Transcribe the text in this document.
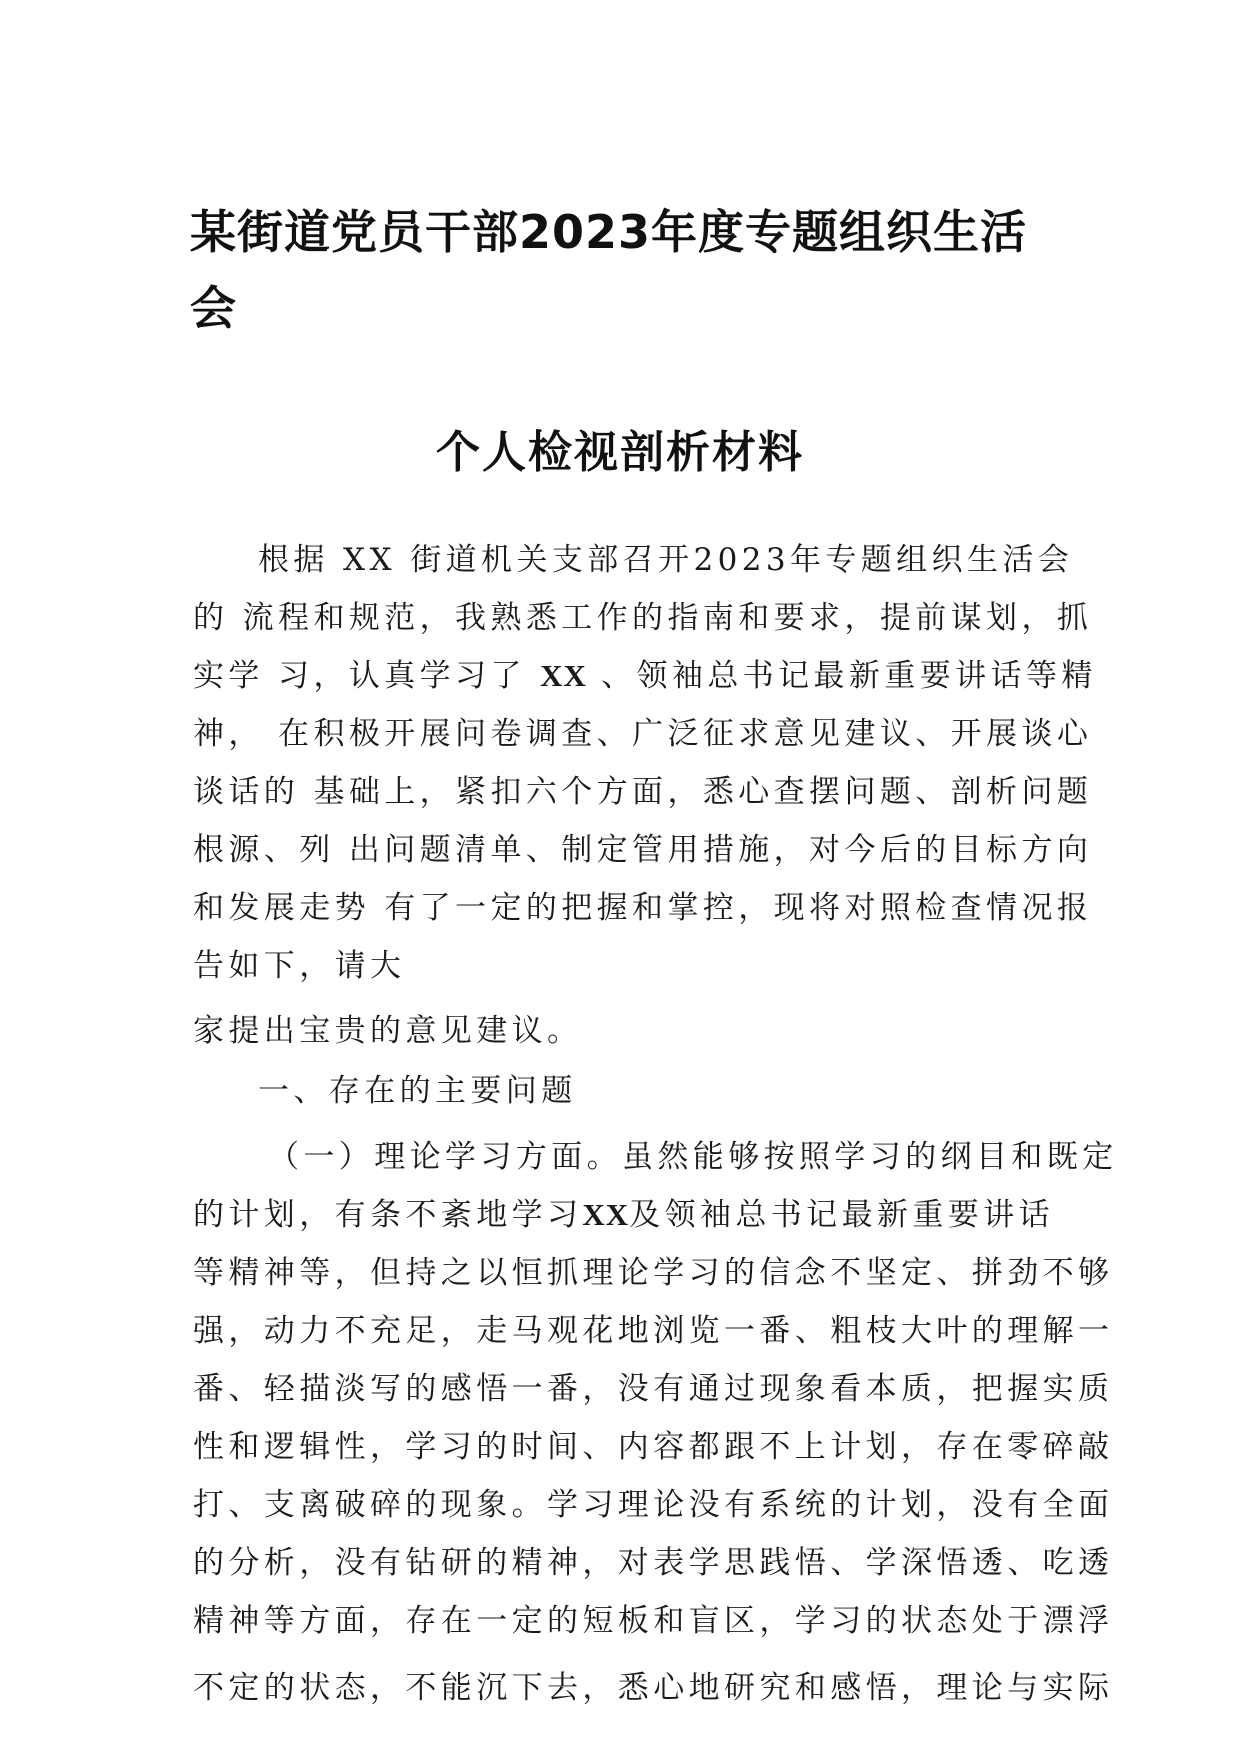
某街道党员干部2023年度专题组织生活
会
个人检视剖析材料
根据 XX 街道机关支部召开2023年专题组织生活会
的 流程和规范，我熟悉工作的指南和要求，提前谋划，抓
实学 习，认真学习了 XX 、领袖总书记最新重要讲话等精
神， 在积极开展问卷调查、广泛征求意见建议、开展谈心
谈话的 基础上，紧扣六个方面，悉心查摆问题、剖析问题
根源、列 出问题清单、制定管用措施，对今后的目标方向
和发展走势 有了一定的把握和掌控，现将对照检查情况报
告如下，请大
家提出宝贵的意见建议。
一、存在的主要问题
（一）理论学习方面。虽然能够按照学习的纲目和既定
的计划，有条不紊地学习XX及领袖总书记最新重要讲话
等精神等，但持之以恒抓理论学习的信念不坚定、拼劲不够
强，动力不充足，走马观花地浏览一番、粗枝大叶的理解一
番、轻描淡写的感悟一番，没有通过现象看本质，把握实质
性和逻辑性，学习的时间、内容都跟不上计划，存在零碎敲
打、支离破碎的现象。学习理论没有系统的计划，没有全面
的分析，没有钻研的精神，对表学思践悟、学深悟透、吃透
精神等方面，存在一定的短板和盲区，学习的状态处于漂浮
不定的状态，不能沉下去，悉心地研究和感悟，理论与实际
